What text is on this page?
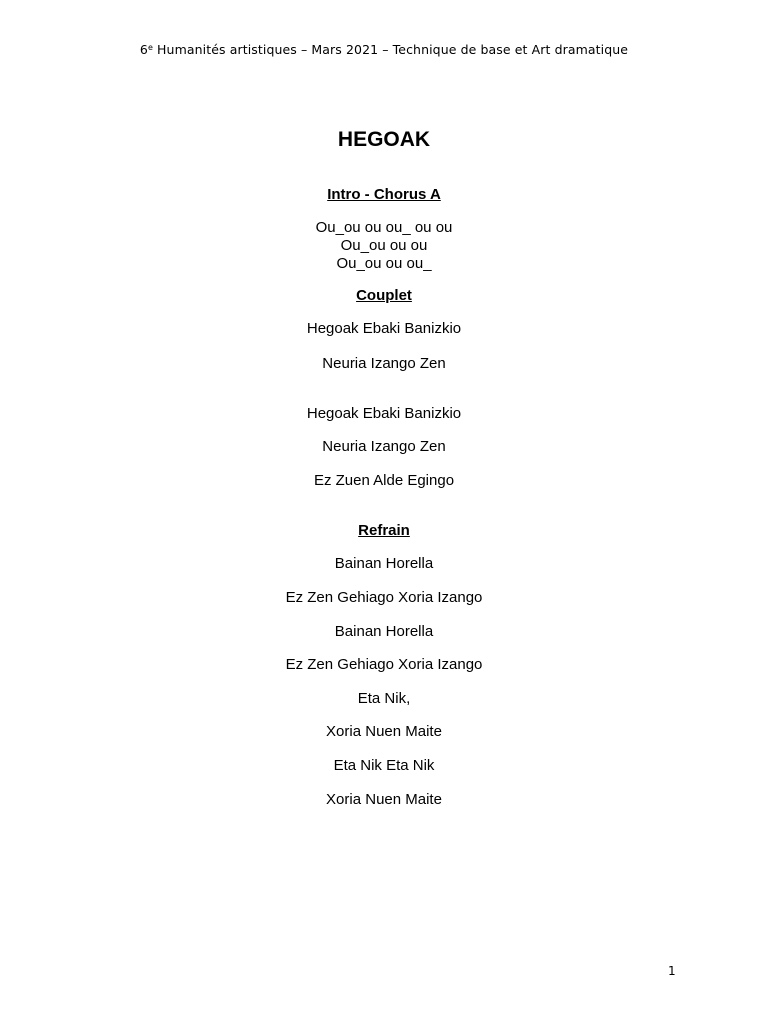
6e Humanités artistiques – Mars 2021 – Technique de base et Art dramatique
HEGOAK
Intro - Chorus A
Ou_ou ou ou_ ou ou
Ou_ou ou ou
Ou_ou ou ou_
Couplet
Hegoak Ebaki Banizkio
Neuria Izango Zen
Hegoak Ebaki Banizkio
Neuria Izango Zen
Ez Zuen Alde Egingo
Refrain
Bainan Horella
Ez Zen Gehiago Xoria Izango
Bainan Horella
Ez Zen Gehiago Xoria Izango
Eta Nik,
Xoria Nuen Maite
Eta Nik Eta Nik
Xoria Nuen Maite
1
